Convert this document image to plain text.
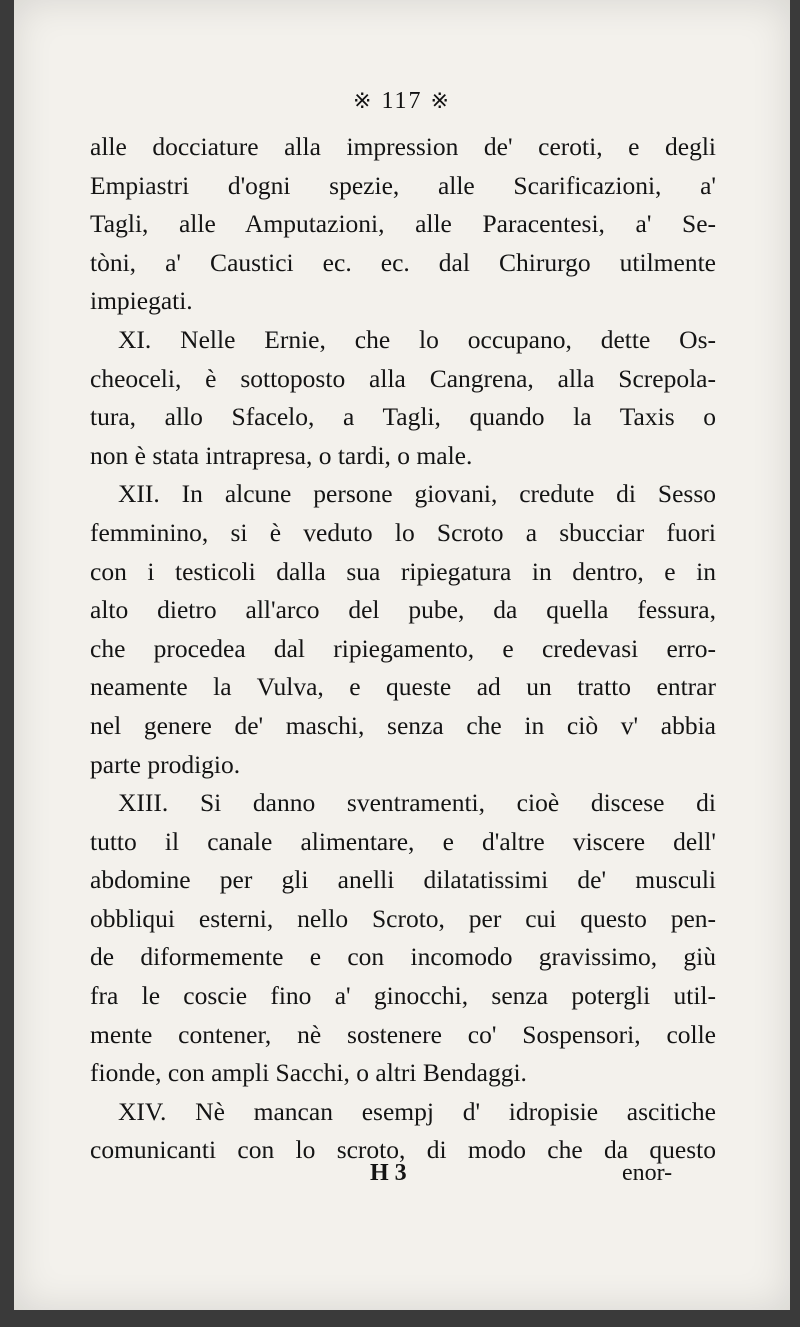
※ 117 ※
alle docciature alla impression de' ceroti, e degli
Empiastri d'ogni spezie, alle Scarificazioni, a'
Tagli, alle Amputazioni, alle Paracentesi, a' Se-
tòni, a' Caustici ec. ec. dal Chirurgo utilmente
impiegati.
XI. Nelle Ernie, che lo occupano, dette Os-
cheoceli, è sottoposto alla Cangrena, alla Screpola-
tura, allo Sfacelo, a Tagli, quando la Taxis o
non è stata intrapresa, o tardi, o male.
XII. In alcune persone giovani, credute di Sesso
femminino, si è veduto lo Scroto a sbucciar fuori
con i testicoli dalla sua ripiegatura in dentro, e in
alto dietro all'arco del pube, da quella fessura,
che procedea dal ripiegamento, e credevasi erro-
neamente la Vulva, e queste ad un tratto entrar
nel genere de' maschi, senza che in ciò v' abbia
parte prodigio.
XIII. Si danno sventramenti, cioè discese di
tutto il canale alimentare, e d'altre viscere dell'
abdomine per gli anelli dilatatissimi de' musculi
obbliqui esterni, nello Scroto, per cui questo pen-
de diformemente e con incomodo gravissimo, giù
fra le coscie fino a' ginocchi, senza potergli util-
mente contener, nè sostenere co' Sospensori, colle
fionde, con ampli Sacchi, o altri Bendaggi.
XIV. Nè mancan esempj d' idropisie ascitiche
comunicanti con lo scroto, di modo che da questo
H 3	enor-
